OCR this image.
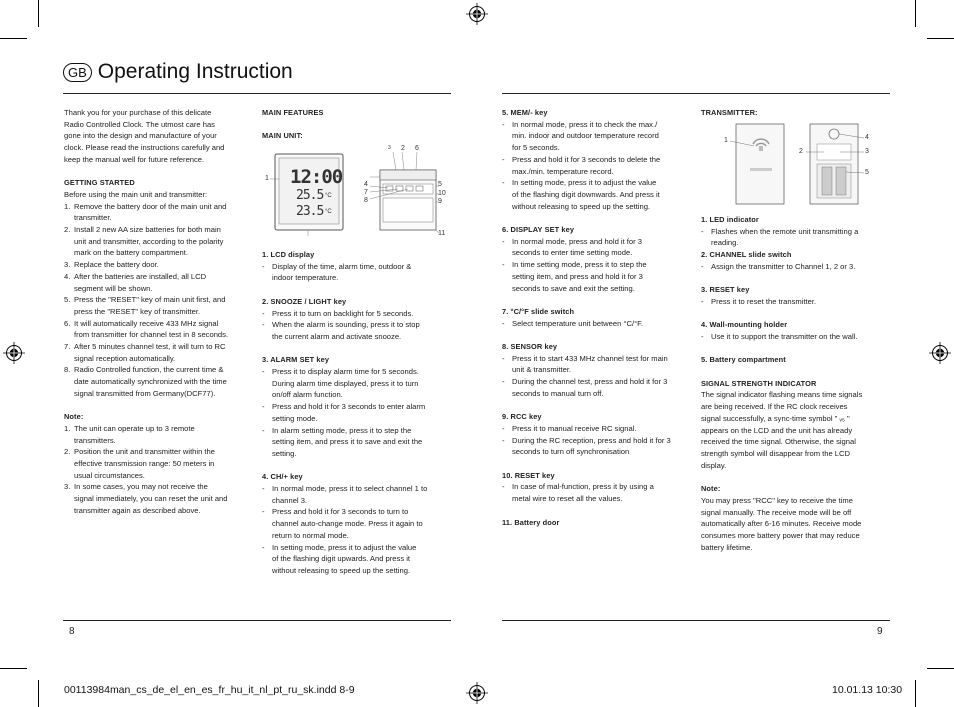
GB Operating Instruction

Thank you for your purchase of this delicate

Radio Controlled Clock. The utmost care has

gone into the design and manufacture of your

clock. Please read the instructions carefully and

keep the manual well for future reference.

GETTING STARTED

Before using the main unit and transmitter:

1. Remove the battery door of the main unit and
transmitter.
2. Install 2 new AA size batteries for both main
unit and transmitter, according to the polarity
mark on the battery compartment.
3. Replace the battery door.
4. After the batteries are installed, all LCD
segment will be shown.
5. Press the "RESET" key of main unit first, and
press the "RESET" key of transmitter.
6. It will automatically receive 433 MHz signal
from transmitter for channel test in 8 seconds.
7. After 5 minutes channel test, it will turn to RC
signal reception automatically.
8. Radio Controlled function, the current time &
date automatically synchronized with the time
signal transmitted from Germany(DCF77).

Note:

1. The unit can operate up to 3 remote
transmitters.
2. Position the unit and transmitter within the
effective transmission range: 50 meters in
usual circumstances.
3. In some cases, you may not receive the
signal immediately, you can reset the unit and
transmitter again as described above.

MAIN FEATURES

MAIN UNIT:

1. LCD display

- Display of the time, alarm time, outdoor &
indoor temperature.

2. SNOOZE / LIGHT key

- Press it to turn on backlight for 5 seconds.
- When the alarm is sounding, press it to stop
the current alarm and activate snooze.

3. ALARM SET key

- Press it to display alarm time for 5 seconds.
During alarm time displayed, press it to turn
on/off alarm function.
- Press and hold it for 3 seconds to enter alarm
setting mode.
- In alarm setting mode, press it to step the
setting item, and press it to save and exit the
setting.

4. CH/+ key

- In normal mode, press it to select channel 1 to
channel 3.
- Press and hold it for 3 seconds to turn to
channel auto-change mode. Press it again to
return to normal mode.
- In setting mode, press it to adjust the value
of the flashing digit upwards. And press it
without releasing to speed up the setting.

5. MEM/- key

- In normal mode, press it to check the max./
min. indoor and outdoor temperature record
for 5 seconds.
- Press and hold it for 3 seconds to delete the
max./min. temperature record.
- In setting mode, press it to adjust the value
of the flashing digit downwards. And press it
without releasing to speed up the setting.

6. DISPLAY SET key

- In normal mode, press and hold it for 3
seconds to enter time setting mode.
- In time setting mode, press it to step the
setting item, and press and hold it for 3
seconds to save and exit the setting.

7. °C/°F slide switch

- Select temperature unit between °C/°F.

8. SENSOR key

- Press it to start 433 MHz channel test for main
unit & transmitter.
- During the channel test, press and hold it for 3
seconds to manual turn off.

9. RCC key

- Press it to manual receive RC signal.
- During the RC reception, press and hold it for 3
seconds to turn off synchronisation

10. RESET key

- In case of mal-function, press it by using a
metal wire to reset all the values.

11. Battery door

TRANSMITTER:

1. LED indicator

- Flashes when the remote unit transmitting a
reading.

2. CHANNEL slide switch

- Assign the transmitter to Channel 1, 2 or 3.

3. RESET key

- Press it to reset the transmitter.

4. Wall-mounting holder

- Use it to support the transmitter on the wall.

5. Battery compartment

SIGNAL STRENGTH INDICATOR

The signal indicator flashing means time signals

are being received. If the RC clock receives

signal successfully, a sync-time symbol " ᵥ₅ "

appears on the LCD and the unit has already

received the time signal. Otherwise, the signal

strength symbol will disappear from the LCD

display.

Note:

You may press "RCC" key to receive the time

signal manually. The receive mode will be off

automatically after 6-16 minutes. Receive mode

consumes more battery power that may reduce

battery lifetime.

12:00
25.5
23.5
°C
°C
1
2
3
4	5
6
7
8	9
10
11
1
2	3
4
5
8	9
00113984man_cs_de_el_en_es_fr_hu_it_nl_pt_ru_sk.indd 8-9	10.01.13 10:30
